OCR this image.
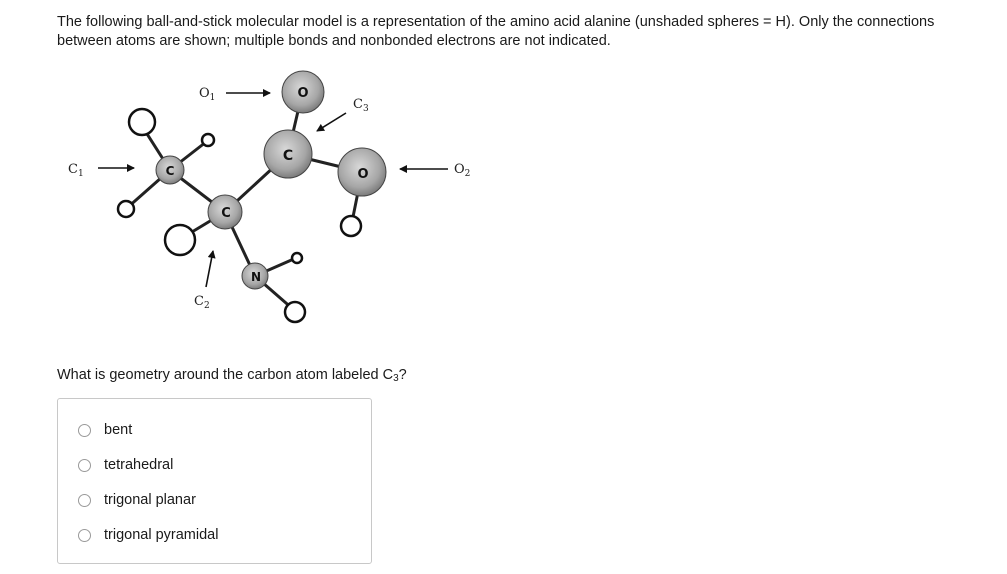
The following ball-and-stick molecular model is a representation of the amino acid alanine (unshaded spheres = H). Only the connections between atoms are shown; multiple bonds and nonbonded electrons are not indicated.

C
C
C
O
O
N
$C_1$
$O_1$	$C_3$
$O_2$
$C_2$

What is geometry around the carbon atom labeled $C_3$?

bent
tetrahedral
trigonal planar
trigonal pyramidal
